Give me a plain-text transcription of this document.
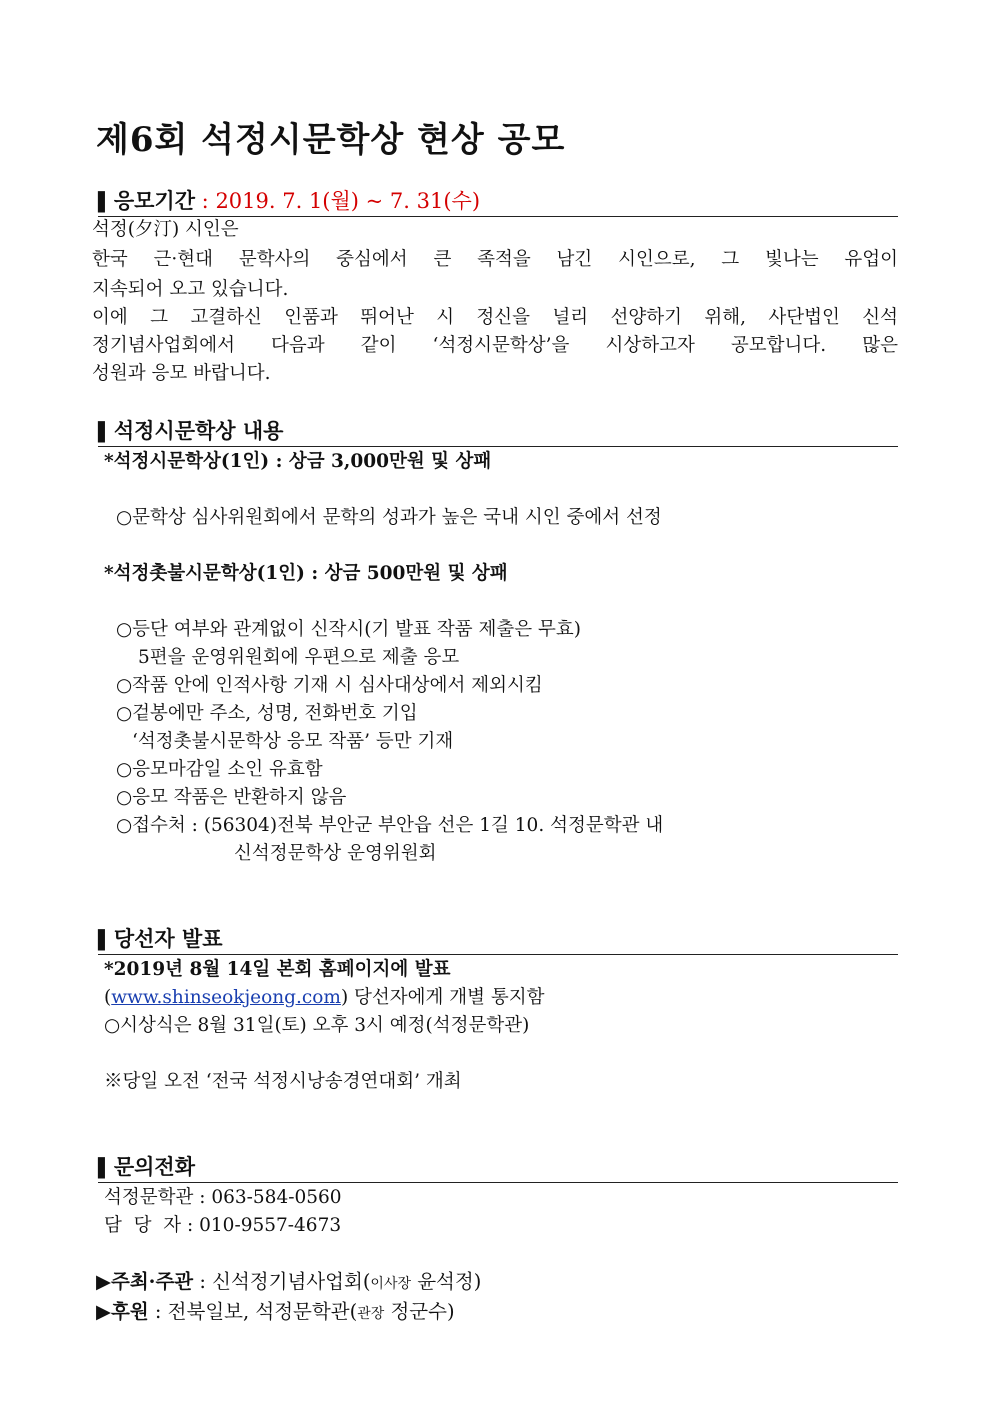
제6회 석정시문학상 현상 공모
▌응모기간 : 2019. 7. 1(월) ~ 7. 31(수)
석정(夕汀) 시인은
한국 근·현대 문학사의 중심에서 큰 족적을 남긴 시인으로, 그 빛나는 유업이
지속되어 오고 있습니다.
이에 그 고결하신 인품과 뛰어난 시 정신을 널리 선양하기 위해, 사단법인 신석
정기념사업회에서 다음과 같이 ‘석정시문학상’을 시상하고자 공모합니다. 많은
성원과 응모 바랍니다.
▌석정시문학상 내용
*석정시문학상(1인) : 상금 3,000만원 및 상패
○문학상 심사위원회에서 문학의 성과가 높은 국내 시인 중에서 선정
*석정촛불시문학상(1인) : 상금 500만원 및 상패
○등단 여부와 관계없이 신작시(기 발표 작품 제출은 무효)
5편을 운영위원회에 우편으로 제출 응모
○작품 안에 인적사항 기재 시 심사대상에서 제외시킴
○겉봉에만 주소, 성명, 전화번호 기입
‘석정촛불시문학상 응모 작품’ 등만 기재
○응모마감일 소인 유효함
○응모 작품은 반환하지 않음
○접수처 : (56304)전북 부안군 부안읍 선은 1길 10. 석정문학관 내
신석정문학상 운영위원회
▌당선자 발표
*2019년 8월 14일 본회 홈페이지에 발표
(www.shinseokjeong.com) 당선자에게 개별 통지함
○시상식은 8월 31일(토) 오후 3시 예정(석정문학관)
※당일 오전 ‘전국 석정시낭송경연대회’ 개최
▌문의전화
석정문학관 : 063-584-0560
담  당  자 : 010-9557-4673
▶주최·주관 : 신석정기념사업회(이사장 윤석정)
▶후원 : 전북일보, 석정문학관(관장 정군수)
